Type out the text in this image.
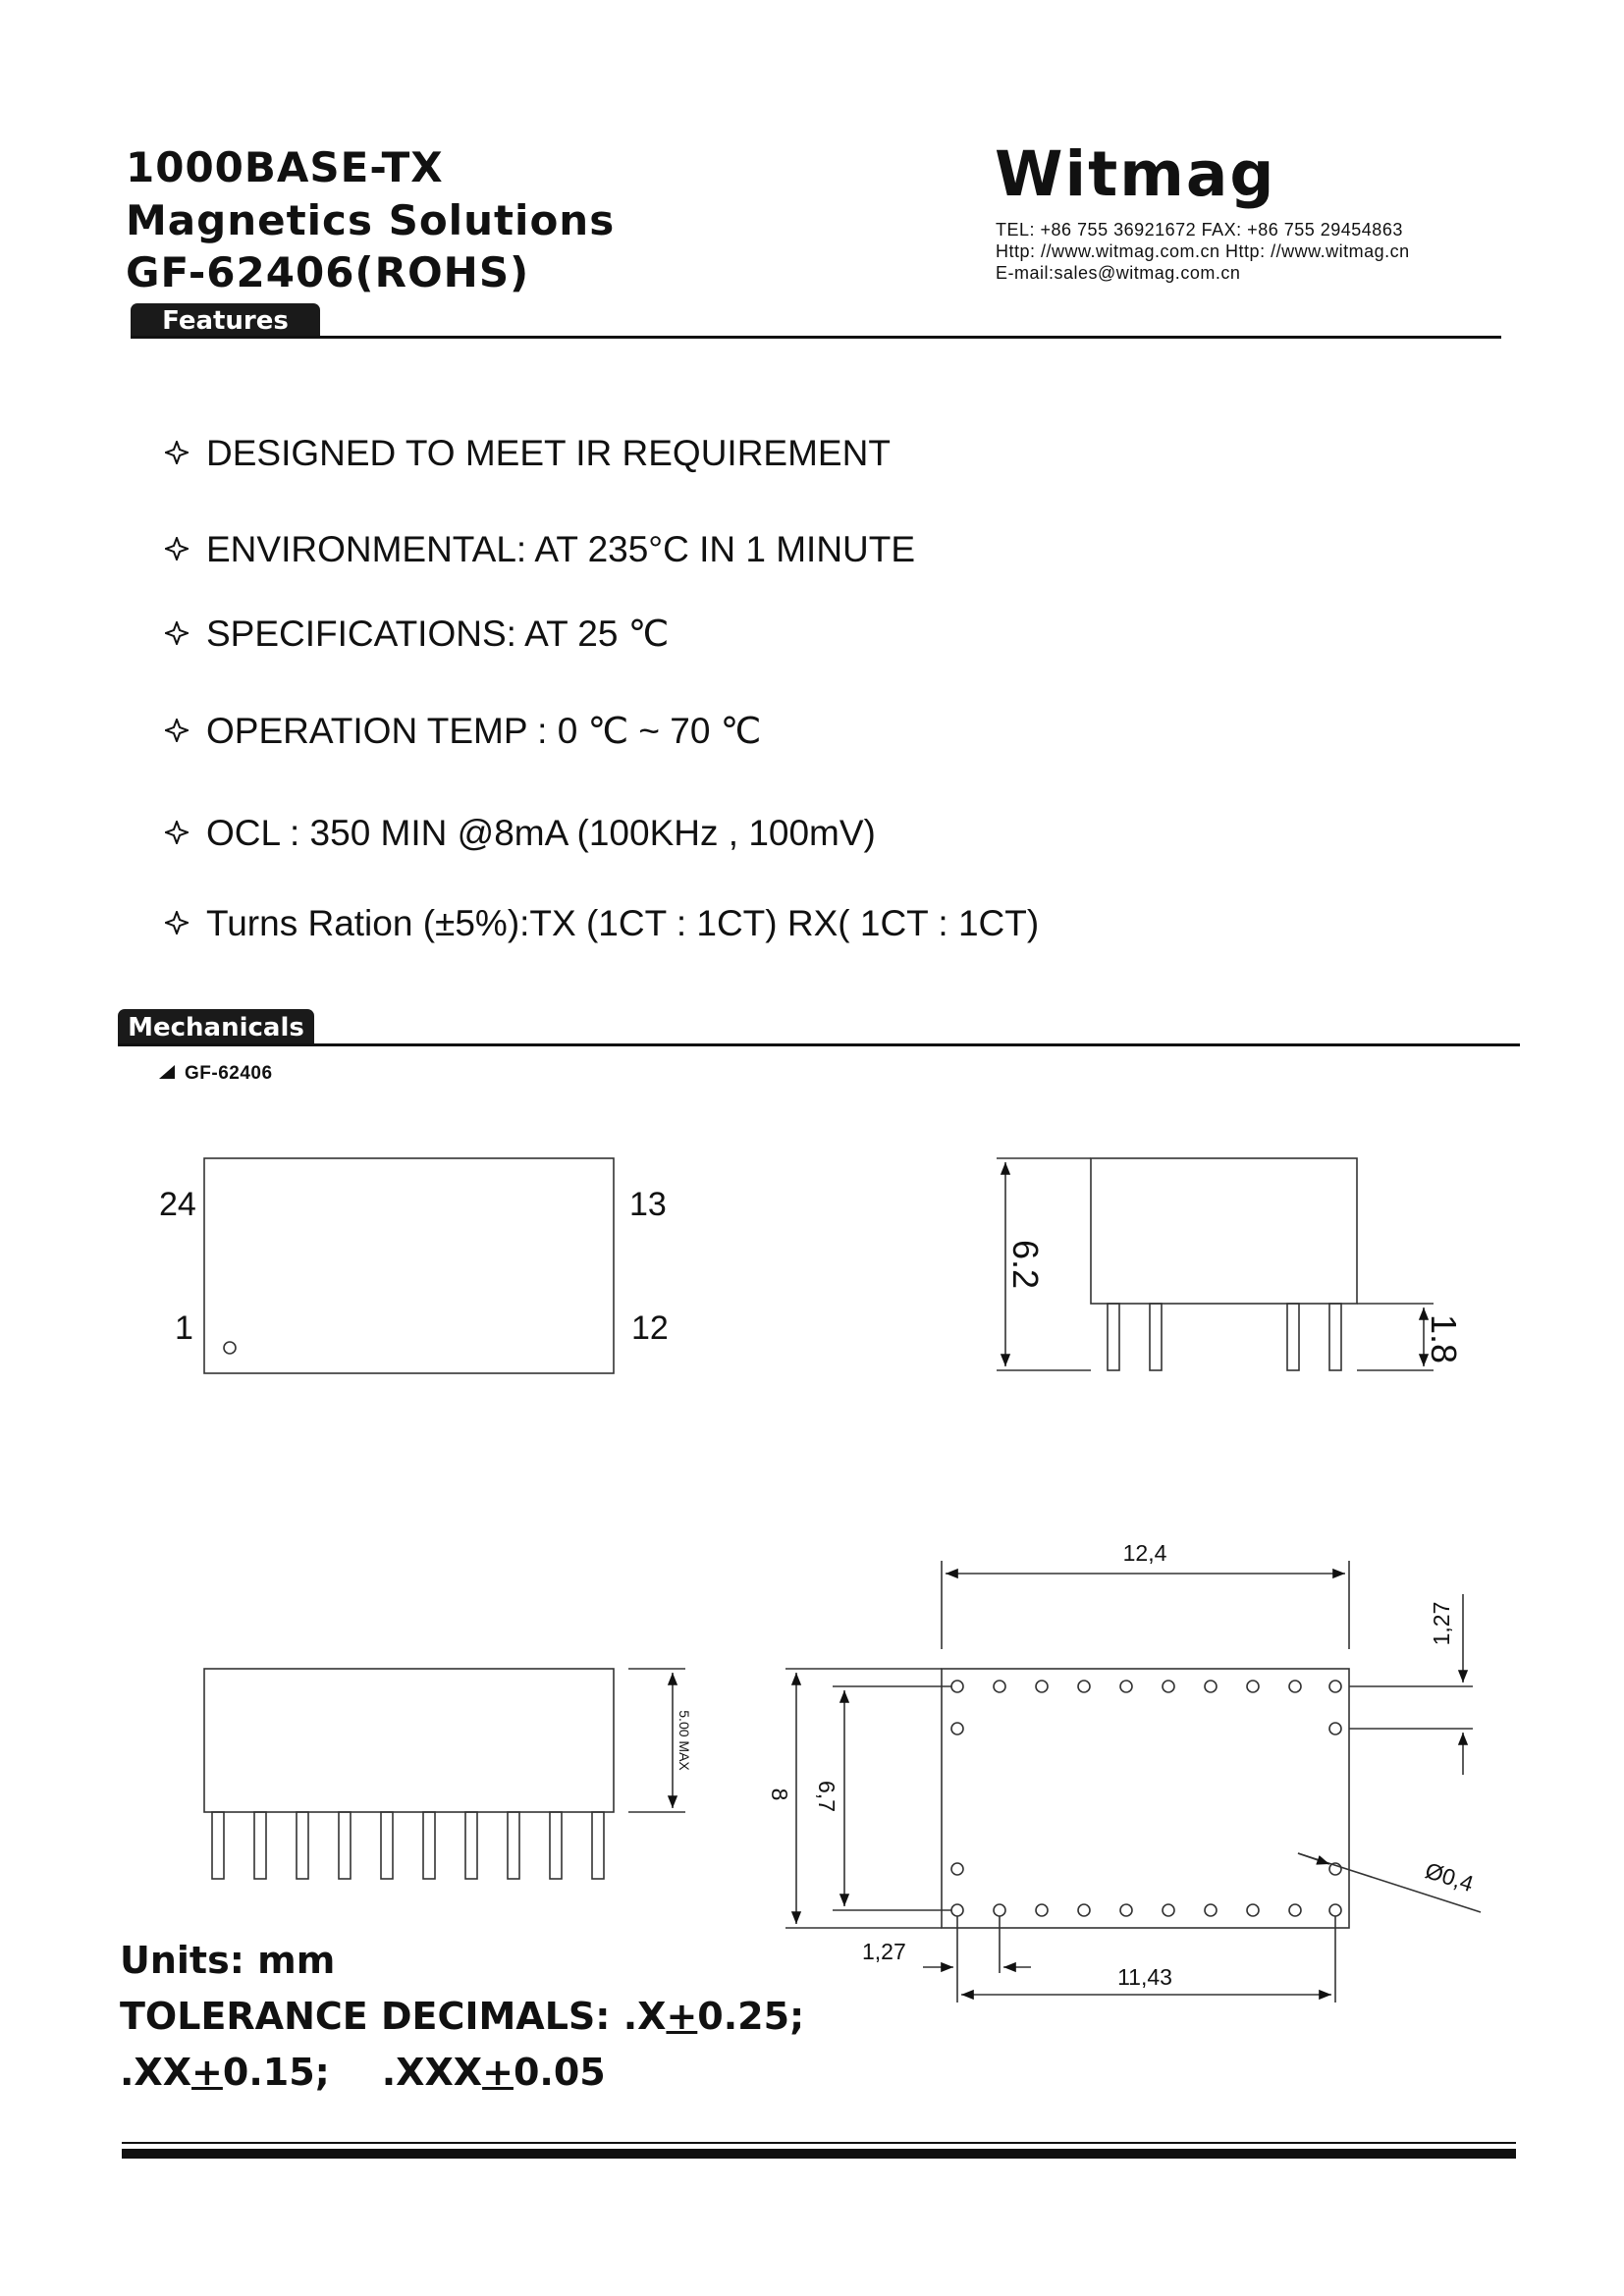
1000BASE-TX
Magnetics Solutions
GF-62406(ROHS)
Witmag
TEL: +86 755 36921672 FAX: +86 755 29454863
Http: //www.witmag.com.cn Http: //www.witmag.cn
E-mail:sales@witmag.com.cn
Features
DESIGNED TO MEET IR REQUIREMENT
ENVIRONMENTAL: AT 235°C IN 1 MINUTE
SPECIFICATIONS: AT 25 ℃
OPERATION TEMP : 0 ℃ ~ 70 ℃
OCL : 350 MIN @8mA (100KHz , 100mV)
Turns Ration (±5%):TX (1CT : 1CT) RX( 1CT : 1CT)
Mechanicals
GF-62406
24	13
1	12
6.2
1.8
5.00 MAX
12,4
1,27
8 6,7
Ø0,4
1,27
11,43
Units: mm
TOLERANCE DECIMALS: .X+0.25;
.XX+0.15; .XXX+0.05
